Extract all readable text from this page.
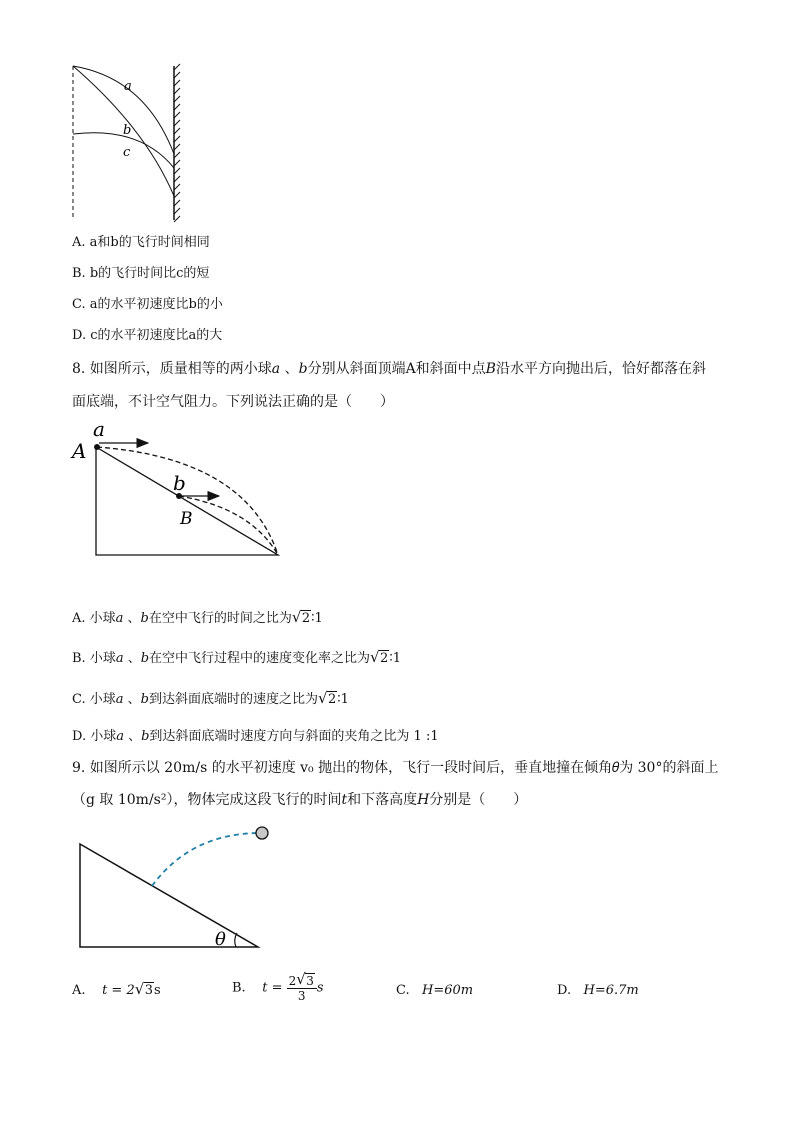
a
b
c
A. a和b的飞行时间相同
B. b的飞行时间比c的短
C. a的水平初速度比b的小
D. c的水平初速度比a的大
8. 如图所示，质量相等的两小球𝑎 、𝑏分别从斜面顶端A和斜面中点𝐵沿水平方向抛出后，恰好都落在斜
面底端，不计空气阻力。下列说法正确的是（　　）
a
A
b
B
A. 小球𝑎 、𝑏在空中飞行的时间之比为 √ 2∶1
B. 小球𝑎 、𝑏在空中飞行过程中的速度变化率之比为 √ 2∶1
C. 小球𝑎 、𝑏到达斜面底端时的速度之比为 √ 2∶1
D. 小球𝑎 、𝑏到达斜面底端时速度方向与斜面的夹角之比为 1 :1
9. 如图所示以 20m/s 的水平初速度 v₀ 抛出的物体，飞行一段时间后，垂直地撞在倾角𝜃为 30°的斜面上
（g 取 10m/s²），物体完成这段飞行的时间𝑡和下落高度𝐻分别是（　　）
θ
A. t = 2 √ 3s	B. $t = \frac{2 √ 3}{3}$ s	C. H=60m	D. H=6.7m
